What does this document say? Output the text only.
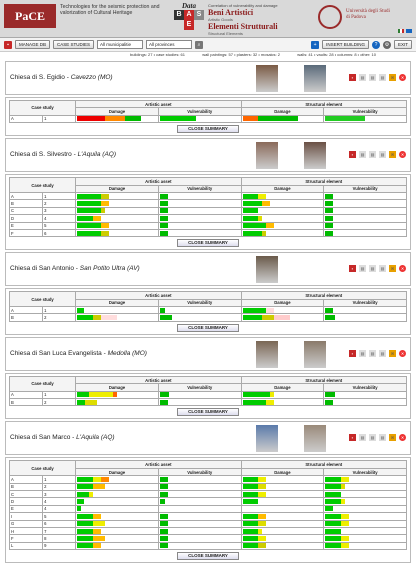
PaCE
Technologies for the seismic protection and valorization of Cultural Heritage
Data
B A S
E
Correlation of vulnerability and damage
Beni Artistici
Artistic Goods
Elementi Strutturali
Structural Elements
Università degli Studi di Padova
▪	MANAGE DB	CASE STUDIES	All municipalitie	All provinces	⌕	+	INSERT BUILDING	?	⚙	EXIT
buildings: 27 • case studies: 61	wall paintings: 57 • plasters: 32 • mosaics: 2	walls: 41 • vaults: 28 • columns: 8 • other: 10
Chiesa di S. Egidio - Cavezzo (MO)	▪	▤	▤	▤	✉	✕
Case study		Artistic asset		Structural element	
		Damage	Vulnerability	Damage	Vulnerability
A	1	

CLOSE SUMMARY
Chiesa di S. Silvestro - L'Aquila (AQ)	▪	▤	▤	▤	✉	✕
Case study		Artistic asset		Structural element	
		Damage	Vulnerability	Damage	Vulnerability
A	1	

B	2	

C	3	

D	4	

E	5	

F	6	

CLOSE SUMMARY
Chiesa di San Antonio - San Potito Ultra (AV)	▪	▤	▤	▤	✉	✕
Case study		Artistic asset		Structural element	
		Damage	Vulnerability	Damage	Vulnerability
A	1	

B	2	

CLOSE SUMMARY
Chiesa di San Luca Evangelista - Medolla (MO)	▪	▤	▤	▤	✉	✕
Case study		Artistic asset		Structural element	
		Damage	Vulnerability	Damage	Vulnerability
A	1	

B	2	

CLOSE SUMMARY
Chiesa di San Marco - L'Aquila (AQ)	▪	▤	▤	▤	✉	✕
Case study		Artistic asset		Structural element	
		Damage	Vulnerability	Damage	Vulnerability
A	1	

B	2	

C	3	

D	4	

E	4	

I	5	

G	6	

H	7	

F	8	

L	9	

CLOSE SUMMARY
